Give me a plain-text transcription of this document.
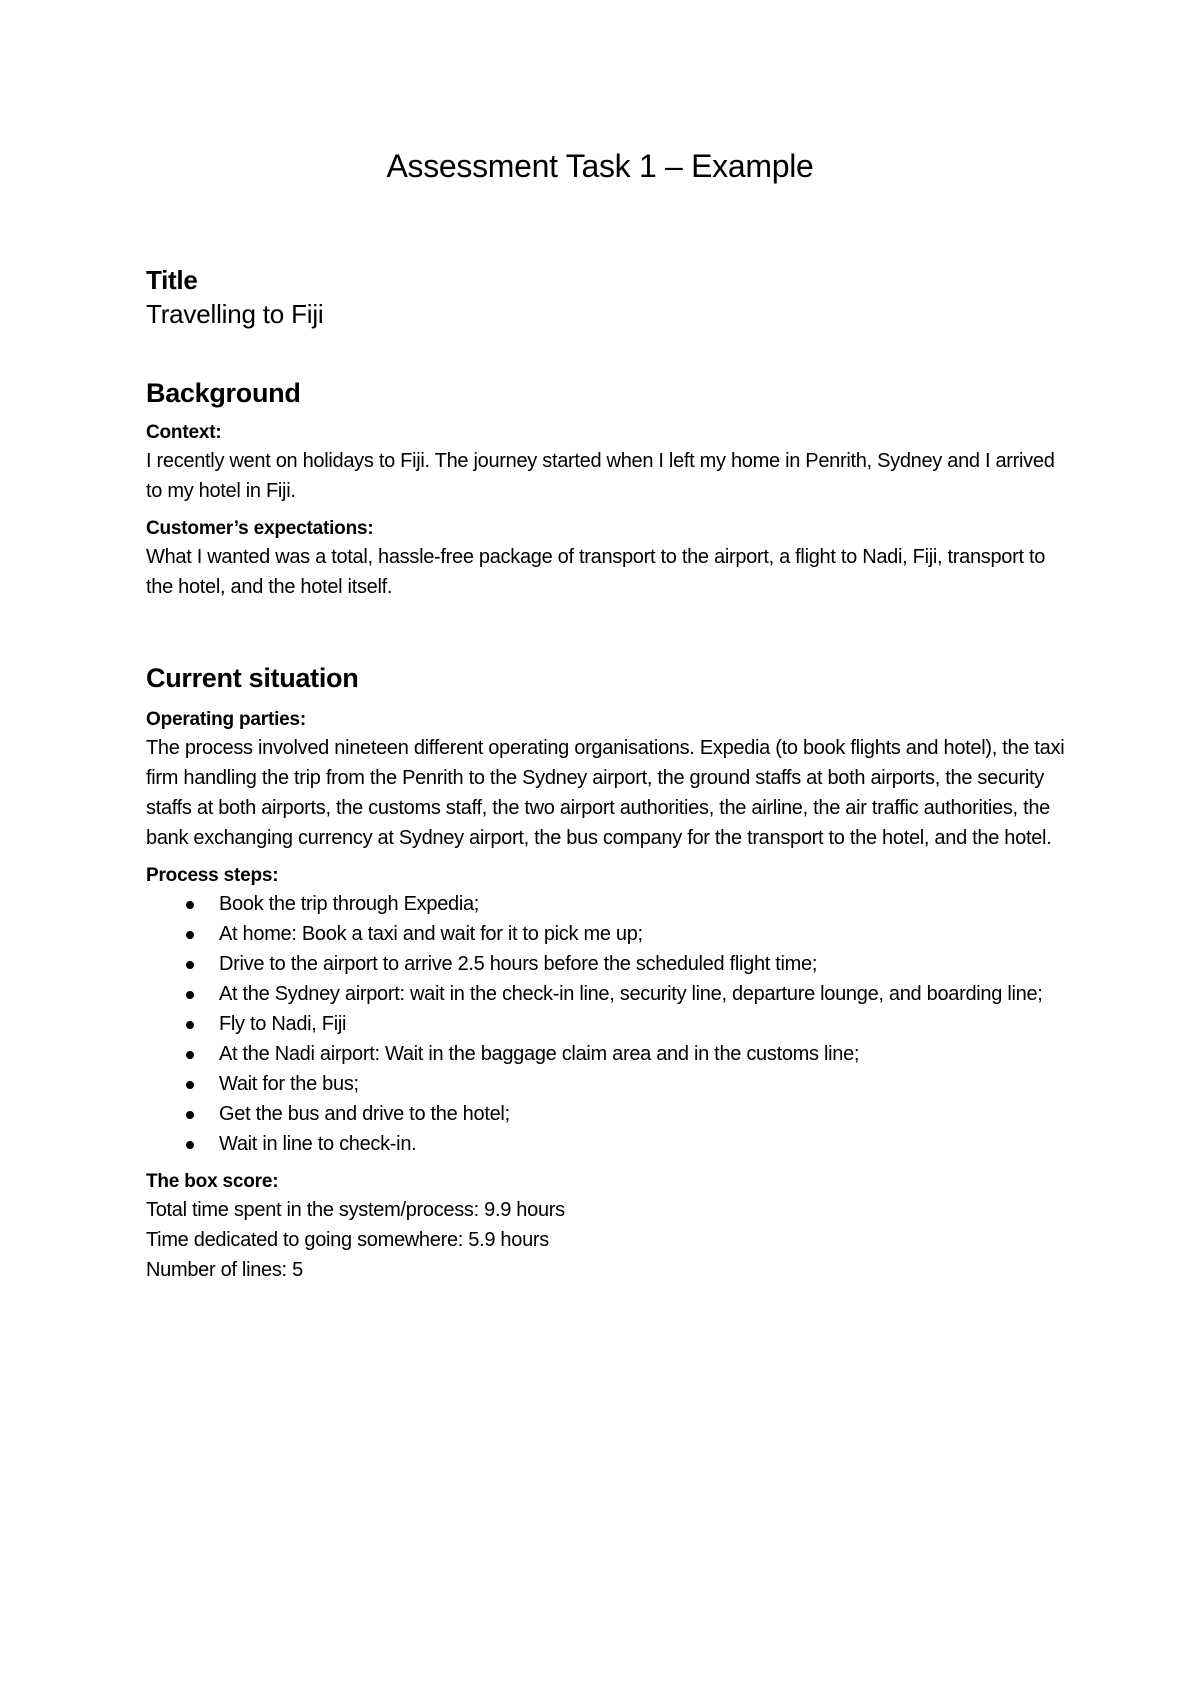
Assessment Task 1 – Example
Title
Travelling to Fiji
Background
Context:

I recently went on holidays to Fiji. The journey started when I left my home in Penrith, Sydney and I arrived to my hotel in Fiji.

Customer’s expectations:

What I wanted was a total, hassle-free package of transport to the airport, a flight to Nadi, Fiji, transport to the hotel, and the hotel itself.

Current situation
Operating parties:

The process involved nineteen different operating organisations. Expedia (to book flights and hotel), the taxi firm handling the trip from the Penrith to the Sydney airport, the ground staffs at both airports, the security staffs at both airports, the customs staff, the two airport authorities, the airline, the air traffic authorities, the bank exchanging currency at Sydney airport, the bus company for the transport to the hotel, and the hotel.

Process steps:
Book the trip through Expedia;
At home: Book a taxi and wait for it to pick me up;
Drive to the airport to arrive 2.5 hours before the scheduled flight time;
At the Sydney airport: wait in the check-in line, security line, departure lounge, and boarding line;
Fly to Nadi, Fiji
At the Nadi airport: Wait in the baggage claim area and in the customs line;
Wait for the bus;
Get the bus and drive to the hotel;
Wait in line to check-in.
The box score:
Total time spent in the system/process: 9.9 hours
Time dedicated to going somewhere: 5.9 hours
Number of lines: 5
